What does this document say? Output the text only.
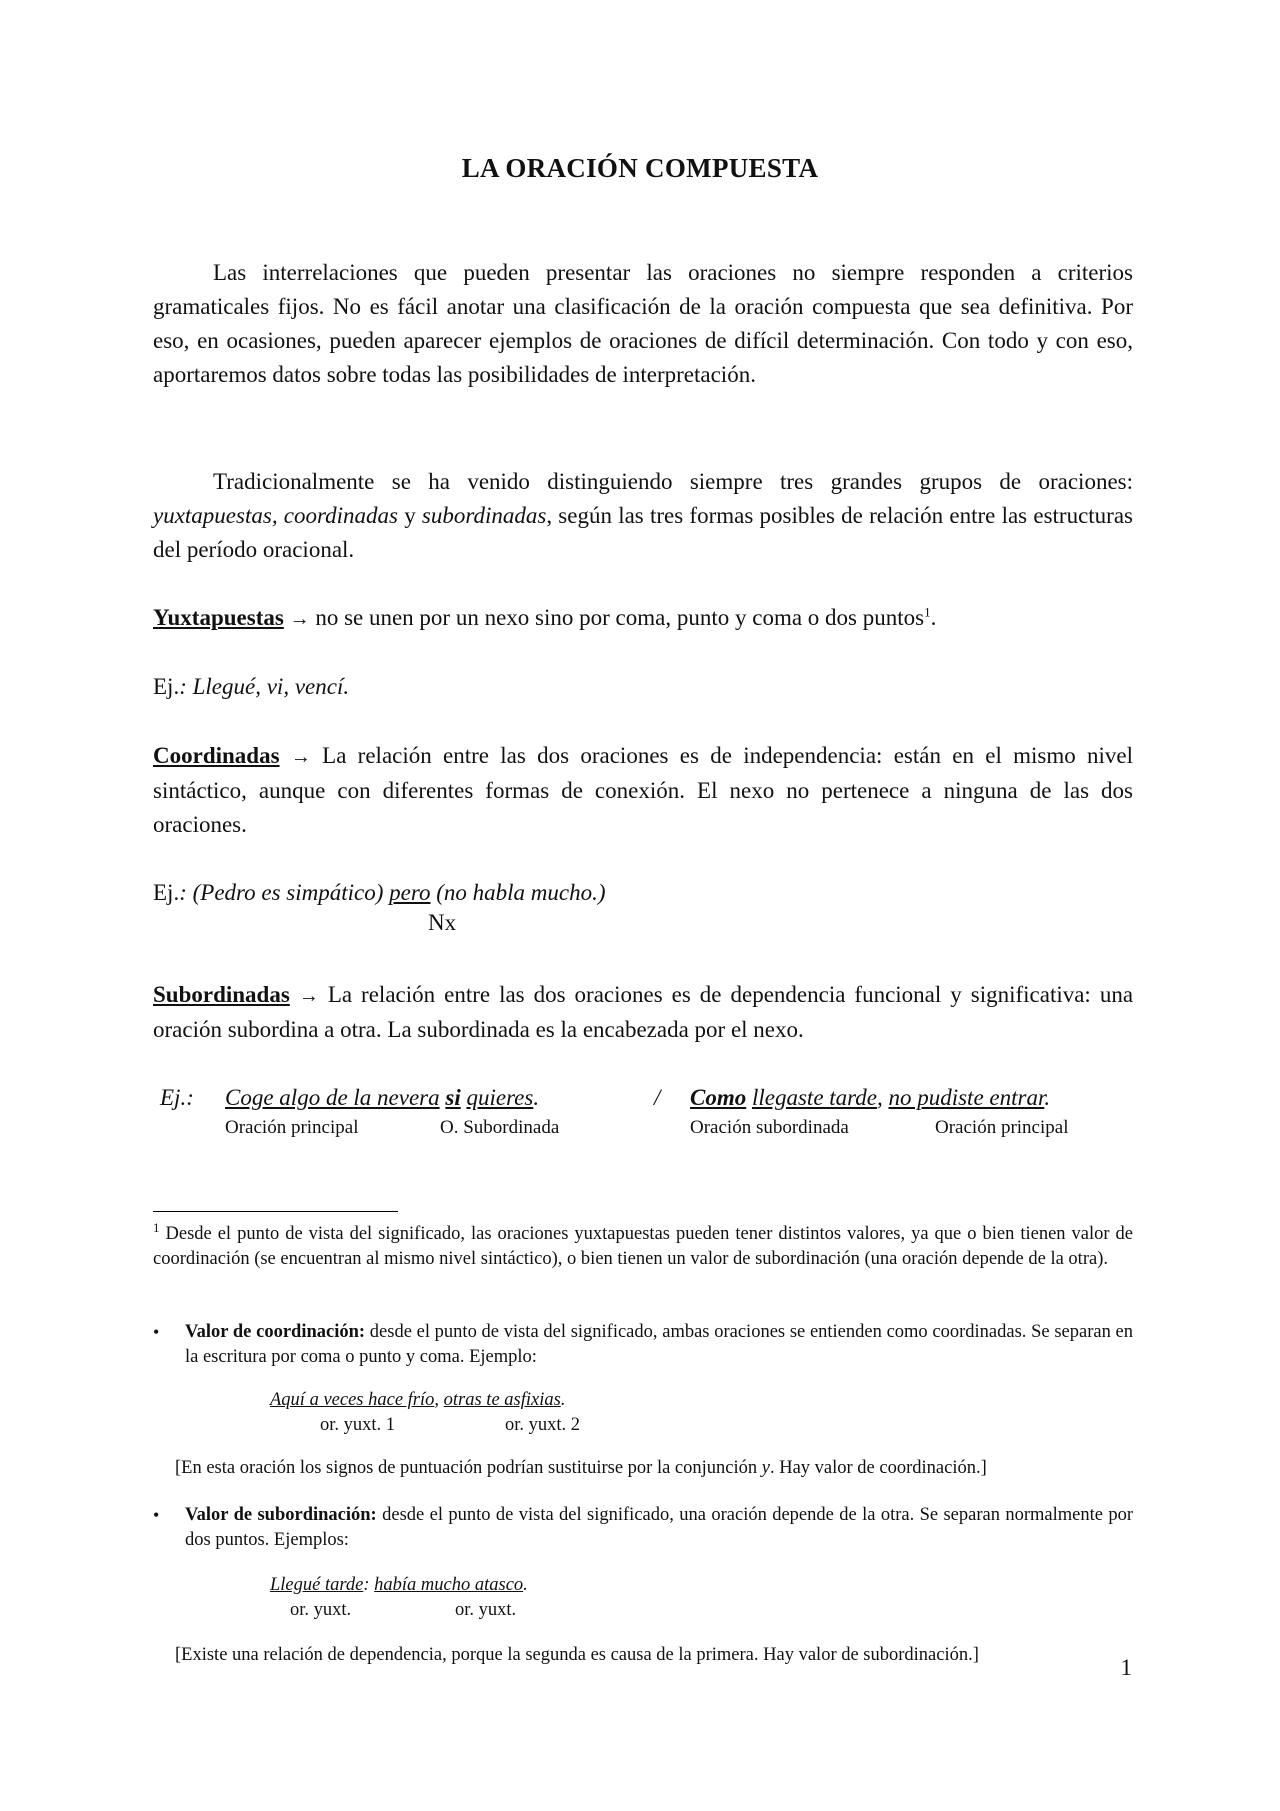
LA ORACIÓN COMPUESTA

Las interrelaciones que pueden presentar las oraciones no siempre responden a criterios gramaticales fijos. No es fácil anotar una clasificación de la oración compuesta que sea definitiva. Por eso, en ocasiones, pueden aparecer ejemplos de oraciones de difícil determinación. Con todo y con eso, aportaremos datos sobre todas las posibilidades de interpretación.

Tradicionalmente se ha venido distinguiendo siempre tres grandes grupos de oraciones: yuxtapuestas, coordinadas y subordinadas, según las tres formas posibles de relación entre las estructuras del período oracional.

Yuxtapuestas → no se unen por un nexo sino por coma, punto y coma o dos puntos$^1$.

Ej.: Llegué, vi, vencí.

Coordinadas → La relación entre las dos oraciones es de independencia: están en el mismo nivel sintáctico, aunque con diferentes formas de conexión. El nexo no pertenece a ninguna de las dos oraciones.

Ej.: (Pedro es simpático) pero (no habla mucho.)

Nx

Subordinadas → La relación entre las dos oraciones es de dependencia funcional y significativa: una oración subordina a otra. La subordinada es la encabezada por el nexo.

Ej.: Coge algo de la nevera si quieres.
Oración principal	O. Subordinada
/ Como llegaste tarde, no pudiste entrar.
Oración subordinada	Oración principal

$^1$ Desde el punto de vista del significado, las oraciones yuxtapuestas pueden tener distintos valores, ya que o bien tienen valor de coordinación (se encuentran al mismo nivel sintáctico), o bien tienen un valor de subordinación (una oración depende de la otra).

• Valor de coordinación: desde el punto de vista del significado, ambas oraciones se entienden como coordinadas. Se separan en la escritura por coma o punto y coma. Ejemplo:
Aquí a veces hace frío, otras te asfixias.
or. yuxt. 1	or. yuxt. 2
[En esta oración los signos de puntuación podrían sustituirse por la conjunción y. Hay valor de coordinación.]
• Valor de subordinación: desde el punto de vista del significado, una oración depende de la otra. Se separan normalmente por dos puntos. Ejemplos:
Llegué tarde: había mucho atasco.
or. yuxt.	or. yuxt.
[Existe una relación de dependencia, porque la segunda es causa de la primera. Hay valor de subordinación.]	1
